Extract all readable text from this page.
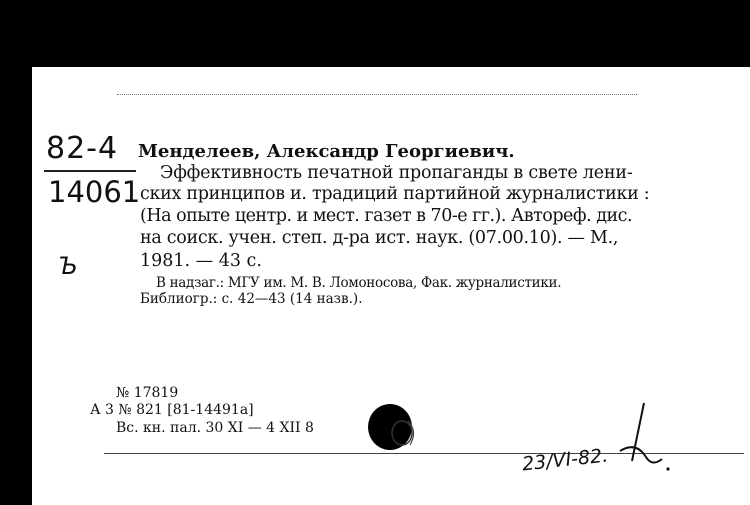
82-4
14061
Ъ
Менделеев, Александр Георгиевич.
Эффективность печатной пропаганды в свете лени-
ских принципов и. традиций партийной журналистики :
(На опыте центр. и мест. газет в 70-е гг.). Автореф. дис.
на соиск. учен. степ. д-ра ист. наук. (07.00.10). — М.,
1981. — 43 с.
В надзаг.: МГУ им. М. В. Ломоносова, Фак. журналистики.
Библиогр.: с. 42—43 (14 назв.).
№ 17819
А 3 № 821 [81-14491а]
Вс. кн. пал. 30 XI — 4 XII 8
23/VI-82.
